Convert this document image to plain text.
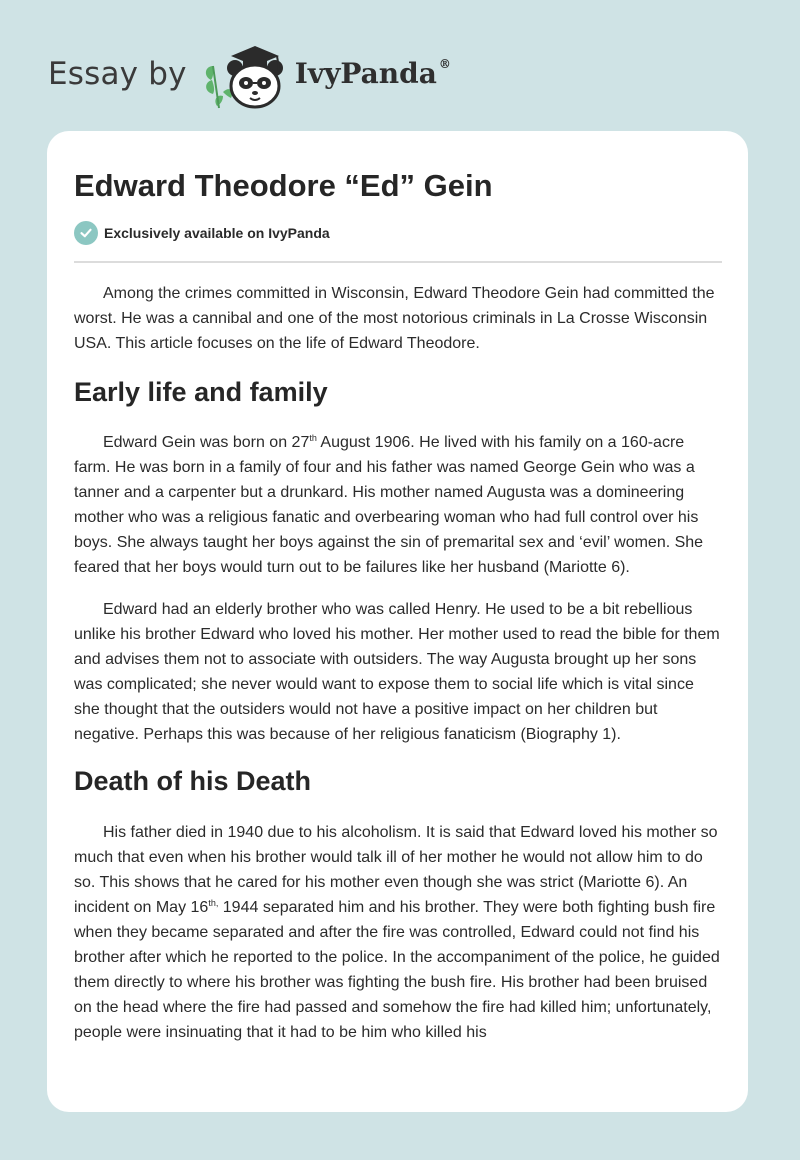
Essay by	IvyPanda ®
Edward Theodore “Ed” Gein
Exclusively available on IvyPanda

Among the crimes committed in Wisconsin, Edward Theodore Gein had committed the worst. He was a cannibal and one of the most notorious criminals in La Crosse Wisconsin USA. This article focuses on the life of Edward Theodore.

Early life and family

Edward Gein was born on 27th August 1906. He lived with his family on a 160-acre farm. He was born in a family of four and his father was named George Gein who was a tanner and a carpenter but a drunkard. His mother named Augusta was a domineering mother who was a religious fanatic and overbearing woman who had full control over his boys. She always taught her boys against the sin of premarital sex and ‘evil’ women. She feared that her boys would turn out to be failures like her husband (Mariotte 6).

Edward had an elderly brother who was called Henry. He used to be a bit rebellious unlike his brother Edward who loved his mother. Her mother used to read the bible for them and advises them not to associate with outsiders. The way Augusta brought up her sons was complicated; she never would want to expose them to social life which is vital since she thought that the outsiders would not have a positive impact on her children but negative. Perhaps this was because of her religious fanaticism (Biography 1).

Death of his Death

His father died in 1940 due to his alcoholism. It is said that Edward loved his mother so much that even when his brother would talk ill of her mother he would not allow him to do so. This shows that he cared for his mother even though she was strict (Mariotte 6). An incident on May $16^{th,}$ 1944 separated him and his brother. They were both fighting bush fire when they became separated and after the fire was controlled, Edward could not find his brother after which he reported to the police. In the accompaniment of the police, he guided them directly to where his brother was fighting the bush fire. His brother had been bruised on the head where the fire had passed and somehow the fire had killed him; unfortunately, people were insinuating that it had to be him who killed his
